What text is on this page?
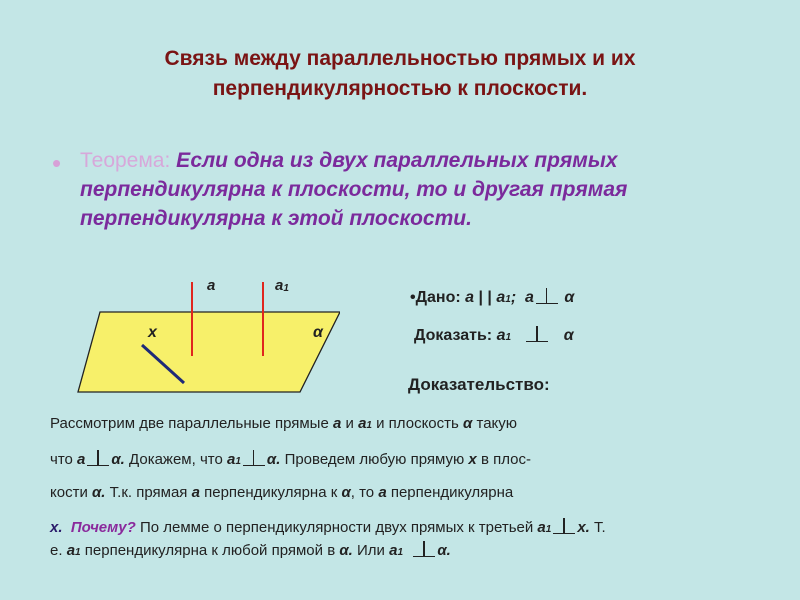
Связь между параллельностью прямых и их
перпендикулярностью к плоскости.
• Теорема: Если одна из двух параллельных прямых перпендикулярна к плоскости, то и другая прямая перпендикулярна к этой плоскости.
a	a1
x	α
•Дано: a | | a1; a α
Доказать: a1	α
Доказательство:
Рассмотрим две параллельные прямые a и a1 и плоскость α такую
что a α. Докажем, что a1 α. Проведем любую прямую x в плос-
кости α. Т.к. прямая a перпендикулярна к α, то a перпендикулярна
x. Почему? По лемме о перпендикулярности двух прямых к третьей a1 x. Т.
е. a1 перпендикулярна к любой прямой в α. Или a1 α.
